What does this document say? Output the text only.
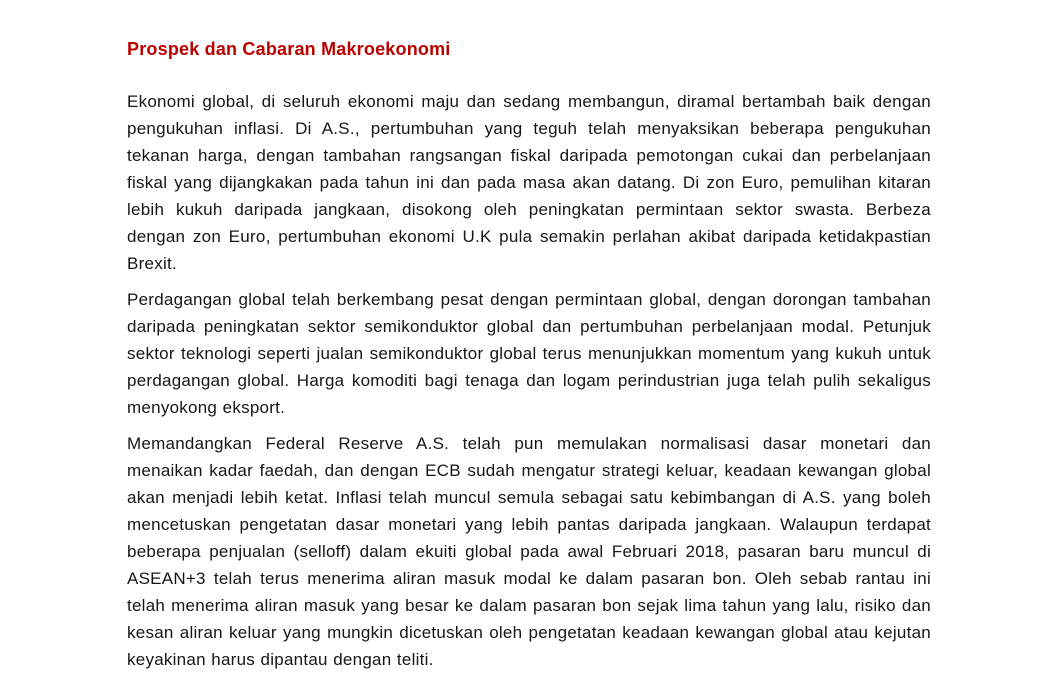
Prospek dan Cabaran Makroekonomi

Ekonomi global, di seluruh ekonomi maju dan sedang membangun, diramal bertambah baik dengan pengukuhan inflasi. Di A.S., pertumbuhan yang teguh telah menyaksikan beberapa pengukuhan tekanan harga, dengan tambahan rangsangan fiskal daripada pemotongan cukai dan perbelanjaan fiskal yang dijangkakan pada tahun ini dan pada masa akan datang. Di zon Euro, pemulihan kitaran lebih kukuh daripada jangkaan, disokong oleh peningkatan permintaan sektor swasta. Berbeza dengan zon Euro, pertumbuhan ekonomi U.K pula semakin perlahan akibat daripada ketidakpastian Brexit.

Perdagangan global telah berkembang pesat dengan permintaan global, dengan dorongan tambahan daripada peningkatan sektor semikonduktor global dan pertumbuhan perbelanjaan modal. Petunjuk sektor teknologi seperti jualan semikonduktor global terus menunjukkan momentum yang kukuh untuk perdagangan global. Harga komoditi bagi tenaga dan logam perindustrian juga telah pulih sekaligus menyokong eksport.

Memandangkan Federal Reserve A.S. telah pun memulakan normalisasi dasar monetari dan menaikan kadar faedah, dan dengan ECB sudah mengatur strategi keluar, keadaan kewangan global akan menjadi lebih ketat. Inflasi telah muncul semula sebagai satu kebimbangan di A.S. yang boleh mencetuskan pengetatan dasar monetari yang lebih pantas daripada jangkaan. Walaupun terdapat beberapa penjualan (selloff) dalam ekuiti global pada awal Februari 2018, pasaran baru muncul di ASEAN+3 telah terus menerima aliran masuk modal ke dalam pasaran bon. Oleh sebab rantau ini telah menerima aliran masuk yang besar ke dalam pasaran bon sejak lima tahun yang lalu, risiko dan kesan aliran keluar yang mungkin dicetuskan oleh pengetatan keadaan kewangan global atau kejutan keyakinan harus dipantau dengan teliti.
